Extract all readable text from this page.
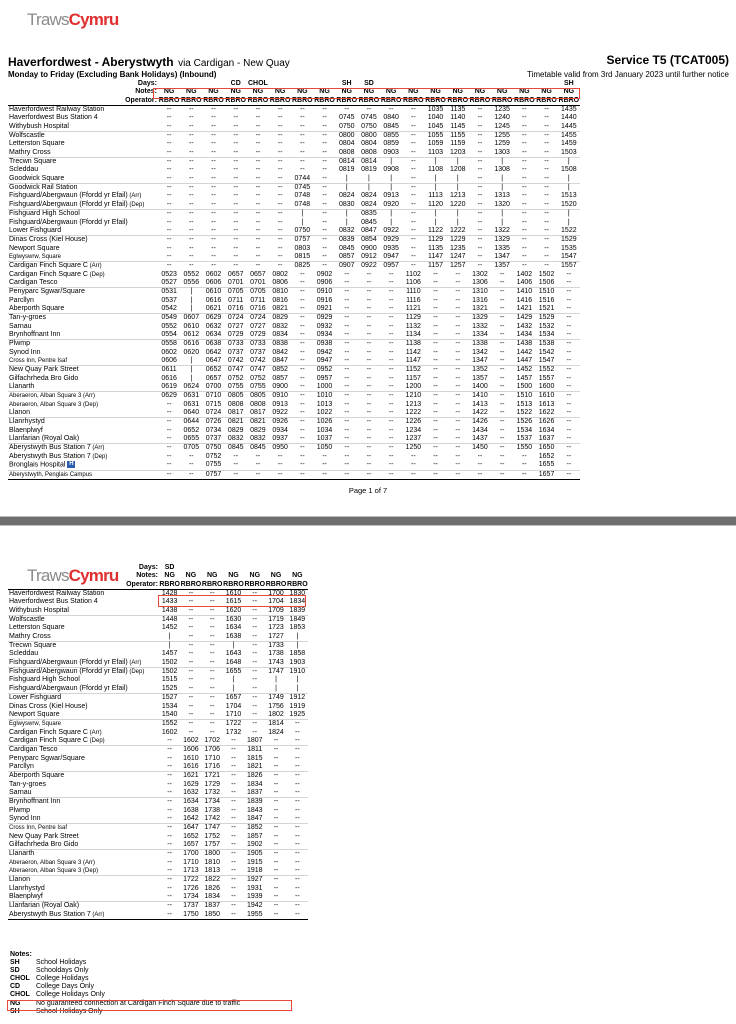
TrawsCymru
Haverfordwest - Aberystwyth via Cardigan - New Quay	Service T5 (TCAT005)
Monday to Friday (Excluding Bank Holidays) (Inbound)	Timetable valid from 3rd January 2023 until further notice
Days:				CD	CHOL				SH	SD									SH
Notes:	NG	NG	NG	NG	NG	NG	NG	NG	NG	NG	NG	NG	NG	NG	NG	NG	NG	NG	NG
Operator:	RBRO	RBRO	RBRO	RBRO	RBRO	RBRO	RBRO	RBRO	RBRO	RBRO	RBRO	RBRO	RBRO	RBRO	RBRO	RBRO	RBRO	RBRO	RBRO
Haverfordwest Railway Station	--	--	--	--	--	--	--	--	--	--	--	--	1035	1135	--	1235	--	--	1435
Haverfordwest Bus Station 4	--	--	--	--	--	--	--	--	0745	0745	0840	--	1040	1140	--	1240	--	--	1440
Withybush Hospital	--	--	--	--	--	--	--	--	0750	0750	0845	--	1045	1145	--	1245	--	--	1445
Wolfscastle	--	--	--	--	--	--	--	--	0800	0800	0855	--	1055	1155	--	1255	--	--	1455
Letterston Square	--	--	--	--	--	--	--	--	0804	0804	0859	--	1059	1159	--	1259	--	--	1459
Mathry Cross	--	--	--	--	--	--	--	--	0808	0808	0903	--	1103	1203	--	1303	--	--	1503
Trecwn Square	--	--	--	--	--	--	--	--	0814	0814	|	--	|	|	--	|	--	--	|
Scleddau	--	--	--	--	--	--	--	--	0819	0819	0908	--	1108	1208	--	1308	--	--	1508
Goodwick Square	--	--	--	--	--	--	0744	--	|	|	|	--	|	|	--	|	--	--	|
Goodwick Rail Station	--	--	--	--	--	--	0745	--	|	|	|	--	|	|	--	|	--	--	|
Fishguard/Abergwaun (Ffordd yr Efail) (Arr)	--	--	--	--	--	--	0748	--	0824	0824	0913	--	1113	1213	--	1313	--	--	1513
Fishguard/Abergwaun (Ffordd yr Efail) (Dep)	--	--	--	--	--	--	0748	--	0830	0824	0920	--	1120	1220	--	1320	--	--	1520
Fishguard High School	--	--	--	--	--	--	|	--	|	0835	|	--	|	|	--	|	--	--	|
Fishguard/Abergwaun (Ffordd yr Efail)	--	--	--	--	--	--	|	--	|	0845	|	--	|	|	--	|	--	--	|
Lower Fishguard	--	--	--	--	--	--	0750	--	0832	0847	0922	--	1122	1222	--	1322	--	--	1522
Dinas Cross (Kiel House)	--	--	--	--	--	--	0757	--	0839	0854	0929	--	1129	1229	--	1329	--	--	1529
Newport Square	--	--	--	--	--	--	0803	--	0845	0900	0935	--	1135	1235	--	1335	--	--	1535
Eglwyswrw, Square	--	--	--	--	--	--	0815	--	0857	0912	0947	--	1147	1247	--	1347	--	--	1547
Cardigan Finch Square C (Arr)	--	--	--	--	--	--	0825	--	0907	0922	0957	--	1157	1257	--	1357	--	--	1557
Cardigan Finch Square C (Dep)	0523	0552	0602	0657	0657	0802	--	0902	--	--	--	1102	--	--	1302	--	1402	1502	--
Cardigan Tesco	0527	0556	0606	0701	0701	0806	--	0906	--	--	--	1106	--	--	1306	--	1406	1506	--
Penyparc Sgwar/Square	0531	|	0610	0705	0705	0810	--	0910	--	--	--	1110	--	--	1310	--	1410	1510	--
Parcllyn	0537	|	0616	0711	0711	0816	--	0916	--	--	--	1116	--	--	1316	--	1416	1516	--
Aberporth Square	0542	|	0621	0716	0716	0821	--	0921	--	--	--	1121	--	--	1321	--	1421	1521	--
Tan-y-groes	0549	0607	0629	0724	0724	0829	--	0929	--	--	--	1129	--	--	1329	--	1429	1529	--
Sarnau	0552	0610	0632	0727	0727	0832	--	0932	--	--	--	1132	--	--	1332	--	1432	1532	--
Brynhoffnant Inn	0554	0612	0634	0729	0729	0834	--	0934	--	--	--	1134	--	--	1334	--	1434	1534	--
Plwmp	0558	0616	0638	0733	0733	0838	--	0938	--	--	--	1138	--	--	1338	--	1438	1538	--
Synod Inn	0602	0620	0642	0737	0737	0842	--	0942	--	--	--	1142	--	--	1342	--	1442	1542	--
Cross Inn, Pentre Isaf	0606	|	0647	0742	0742	0847	--	0947	--	--	--	1147	--	--	1347	--	1447	1547	--
New Quay Park Street	0611	|	0652	0747	0747	0852	--	0952	--	--	--	1152	--	--	1352	--	1452	1552	--
Gilfachrheda Bro Gido	0616	|	0657	0752	0752	0857	--	0957	--	--	--	1157	--	--	1357	--	1457	1557	--
Llanarth	0619	0624	0700	0755	0755	0900	--	1000	--	--	--	1200	--	--	1400	--	1500	1600	--
Aberaeron, Alban Square 3 (Arr)	0629	0631	0710	0805	0805	0910	--	1010	--	--	--	1210	--	--	1410	--	1510	1610	--
Aberaeron, Alban Square 3 (Dep)	--	0631	0715	0808	0808	0913	--	1013	--	--	--	1213	--	--	1413	--	1513	1613	--
Llanon	--	0640	0724	0817	0817	0922	--	1022	--	--	--	1222	--	--	1422	--	1522	1622	--
Llanrhystyd	--	0644	0726	0821	0821	0926	--	1026	--	--	--	1226	--	--	1426	--	1526	1626	--
Blaenplwyf	--	0652	0734	0829	0829	0934	--	1034	--	--	--	1234	--	--	1434	--	1534	1634	--
Llanfarian (Royal Oak)	--	0655	0737	0832	0832	0937	--	1037	--	--	--	1237	--	--	1437	--	1537	1637	--
Aberystwyth Bus Station 7 (Arr)	--	0705	0750	0845	0845	0950	--	1050	--	--	--	1250	--	--	1450	--	1550	1650	--
Aberystwyth Bus Station 7 (Dep)	--	--	0752	--	--	--	--	--	--	--	--	--	--	--	--	--	--	1652	--
Bronglais Hospital H	--	--	0755	--	--	--	--	--	--	--	--	--	--	--	--	--	--	1655	--
Aberystwyth, Penglais Campus	--	--	0757	--	--	--	--	--	--	--	--	--	--	--	--	--	--	1657	--
Page 1 of 7
TrawsCymru	Days:	SD						
Notes:	NG	NG	NG	NG	NG	NG	NG
Operator:	RBRO	RBRO	RBRO	RBRO	RBRO	RBRO	RBRO
Haverfordwest Railway Station	1428	--	--	1610	--	1700	1830
Haverfordwest Bus Station 4	1433	--	--	1615	--	1704	1834
Withybush Hospital	1438	--	--	1620	--	1709	1839
Wolfscastle	1448	--	--	1630	--	1719	1849
Letterston Square	1452	--	--	1634	--	1723	1853
Mathry Cross	|	--	--	1638	--	1727	|
Trecwn Square	|	--	--	|	--	1733	|
Scleddau	1457	--	--	1643	--	1738	1858
Fishguard/Abergwaun (Ffordd yr Efail) (Arr)	1502	--	--	1648	--	1743	1903
Fishguard/Abergwaun (Ffordd yr Efail) (Dep)	1502	--	--	1655	--	1747	1910
Fishguard High School	1515	--	--	|	--	|	|
Fishguard/Abergwaun (Ffordd yr Efail)	1525	--	--	|	--	|	|
Lower Fishguard	1527	--	--	1657	--	1749	1912
Dinas Cross (Kiel House)	1534	--	--	1704	--	1756	1919
Newport Square	1540	--	--	1710	--	1802	1925
Eglwyswrw, Square	1552	--	--	1722	--	1814	--
Cardigan Finch Square C (Arr)	1602	--	--	1732	--	1824	--
Cardigan Finch Square C (Dep)	--	1602	1702	--	1807	--	--
Cardigan Tesco	--	1606	1706	--	1811	--	--
Penyparc Sgwar/Square	--	1610	1710	--	1815	--	--
Parcllyn	--	1616	1716	--	1821	--	--
Aberporth Square	--	1621	1721	--	1826	--	--
Tan-y-groes	--	1629	1729	--	1834	--	--
Sarnau	--	1632	1732	--	1837	--	--
Brynhoffnant Inn	--	1634	1734	--	1839	--	--
Plwmp	--	1638	1738	--	1843	--	--
Synod Inn	--	1642	1742	--	1847	--	--
Cross Inn, Pentre Isaf	--	1647	1747	--	1852	--	--
New Quay Park Street	--	1652	1752	--	1857	--	--
Gilfachrheda Bro Gido	--	1657	1757	--	1902	--	--
Llanarth	--	1700	1800	--	1905	--	--
Aberaeron, Alban Square 3 (Arr)	--	1710	1810	--	1915	--	--
Aberaeron, Alban Square 3 (Dep)	--	1713	1813	--	1918	--	--
Llanon	--	1722	1822	--	1927	--	--
Llanrhystyd	--	1726	1826	--	1931	--	--
Blaenplwyf	--	1734	1834	--	1939	--	--
Llanfarian (Royal Oak)	--	1737	1837	--	1942	--	--
Aberystwyth Bus Station 7 (Arr)	--	1750	1850	--	1955	--	--
Notes:
SH	School Holidays
SD	Schooldays Only
CHOL College Holidays
CD	College Days Only
CHOL College Holidays Only
NG	No guaranteed connection at Cardigan Finch Square due to traffic
SH	School Holidays Only
